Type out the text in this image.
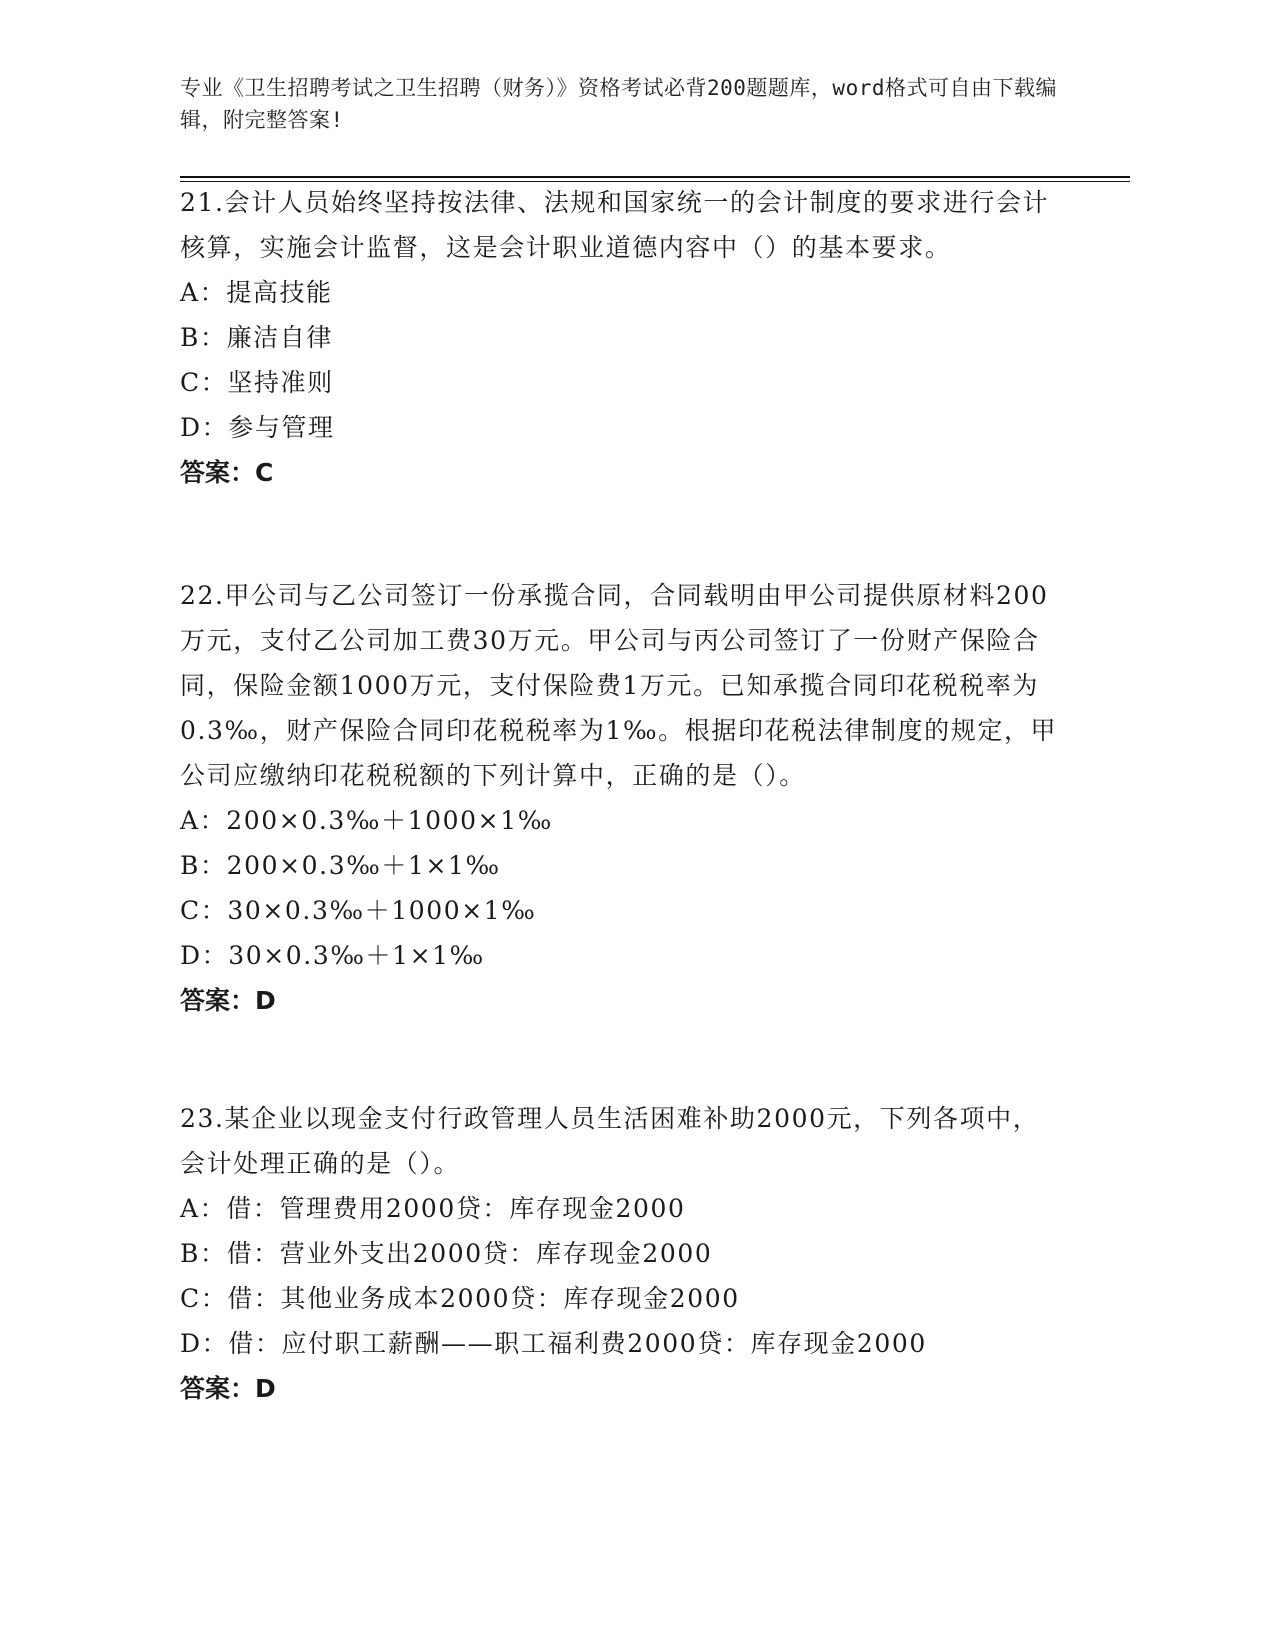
专业《卫生招聘考试之卫生招聘（财务）》资格考试必背200题题库，word格式可自由下载编辑，附完整答案!

21.会计人员始终坚持按法律、法规和国家统一的会计制度的要求进行会计核算，实施会计监督，这是会计职业道德内容中（）的基本要求。

A：提高技能

B：廉洁自律

C：坚持准则

D：参与管理

答案：C

22.甲公司与乙公司签订一份承揽合同，合同载明由甲公司提供原材料200万元，支付乙公司加工费30万元。甲公司与丙公司签订了一份财产保险合同，保险金额1000万元，支付保险费1万元。已知承揽合同印花税税率为0.3‰，财产保险合同印花税税率为1‰。根据印花税法律制度的规定，甲公司应缴纳印花税税额的下列计算中，正确的是（）。

A：200×0.3‰＋1000×1‰

B：200×0.3‰＋1×1‰

C：30×0.3‰＋1000×1‰

D：30×0.3‰＋1×1‰

答案：D

23.某企业以现金支付行政管理人员生活困难补助2000元，下列各项中，会计处理正确的是（）。

A：借：管理费用2000贷：库存现金2000

B：借：营业外支出2000贷：库存现金2000

C：借：其他业务成本2000贷：库存现金2000

D：借：应付职工薪酬——职工福利费2000贷：库存现金2000

答案：D
